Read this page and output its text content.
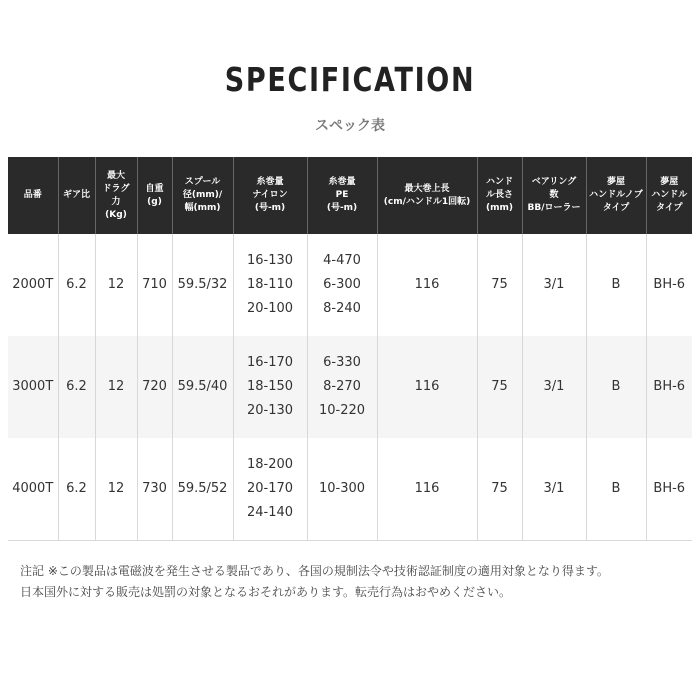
SPECIFICATION
スペック表
品番	ギア比	最大
ドラグ
力
(Kg)	自重
(g)	スプール
径(mm)/
幅(mm)	糸巻量
ナイロン
(号-m)	糸巻量
PE
(号-m)	最大巻上長
(cm/ハンドル1回転)	ハンド
ル長さ
(mm)	ベアリング
数
BB/ローラー	夢屋
ハンドルノブ
タイプ	夢屋
ハンドル
タイプ
2000T	6.2	12	710	59.5/32	16-130
18-110
20-100	4-470
6-300
8-240	116	75	3/1	B	BH-6
3000T	6.2	12	720	59.5/40	16-170
18-150
20-130	6-330
8-270
10-220	116	75	3/1	B	BH-6
4000T	6.2	12	730	59.5/52	18-200
20-170
24-140	10-300	116	75	3/1	B	BH-6
注記 ※この製品は電磁波を発生させる製品であり、各国の規制法令や技術認証制度の適用対象となり得ます。
日本国外に対する販売は処罰の対象となるおそれがあります。転売行為はおやめください。
